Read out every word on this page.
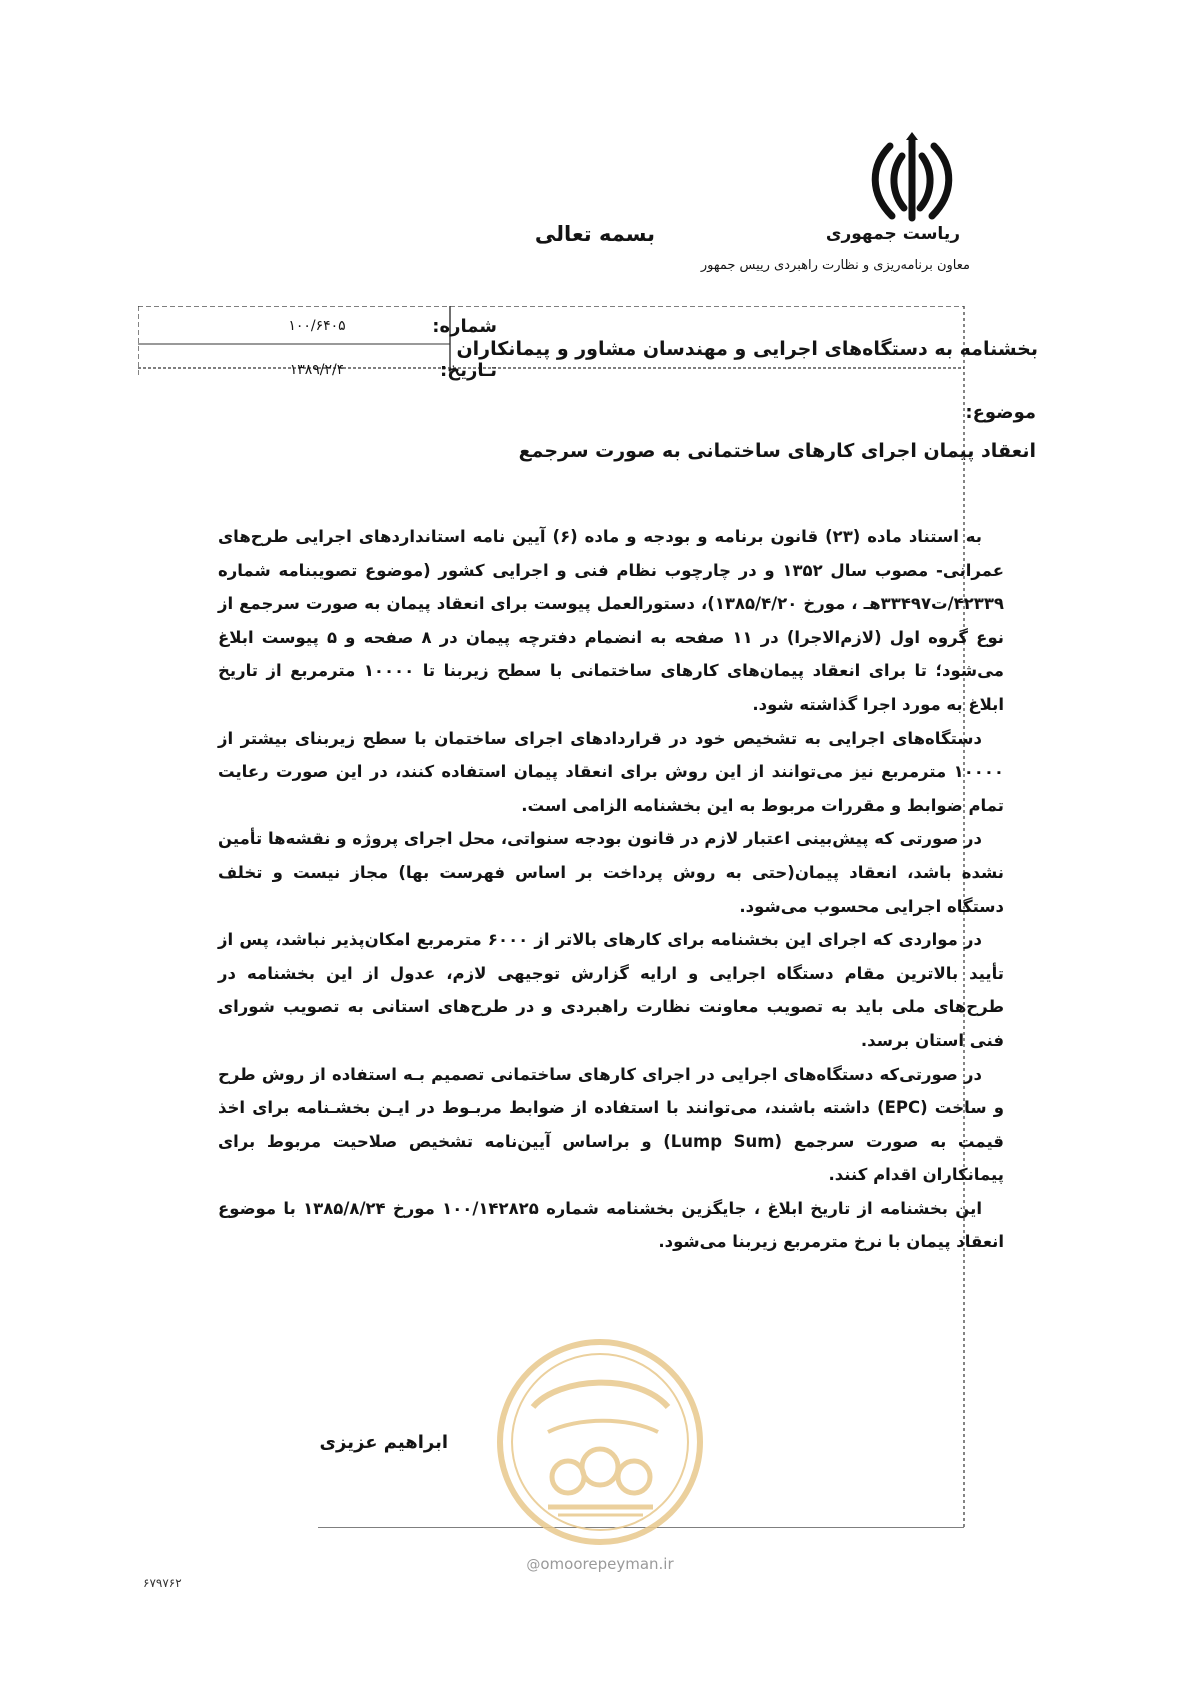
بسمه تعالی	ریاست جمهوری
معاون برنامه‌ریزی و نظارت راهبردی رییس جمهور
بخشنامه به دستگاه‌های اجرایی و مهندسان مشاور و پیمانکاران
شماره:
۱۰۰/۶۴۰۵
تـاریخ:
۱۳۸۹/۲/۴
موضوع:
انعقاد پیمان اجرای کارهای ساختمانی به صورت سرجمع

به استناد ماده (۲۳) قانون برنامه و بودجه و ماده (۶) آیین نامه استانداردهای اجرایی طرح‌های عمرانی- مصوب سال ۱۳۵۲ و در چارچوب نظام فنی و اجرایی کشور (موضوع تصویبنامه شماره ۴۲۳۳۹/ت۳۳۴۹۷هـ ، مورخ ۱۳۸۵/۴/۲۰)، دستورالعمل پیوست برای انعقاد پیمان به صورت سرجمع از نوع گروه اول (لازم‌الاجرا) در ۱۱ صفحه به انضمام دفترچه پیمان در ۸ صفحه و ۵ پیوست ابلاغ می‌شود؛ تا برای انعقاد پیمان‌های کارهای ساختمانی با سطح زیربنا تا ۱۰۰۰۰ مترمربع از تاریخ ابلاغ به مورد اجرا گذاشته شود.

دستگاه‌های اجرایی به تشخیص خود در قراردادهای اجرای ساختمان با سطح زیربنای بیشتر از ۱۰۰۰۰ مترمربع نیز می‌توانند از این روش برای انعقاد پیمان استفاده کنند، در این صورت رعایت تمام ضوابط و مقررات مربوط به این بخشنامه الزامی است.

در صورتی که پیش‌بینی اعتبار لازم در قانون بودجه سنواتی، محل اجرای پروژه و نقشه‌ها تأمین نشده باشد، انعقاد پیمان(حتی به روش پرداخت بر اساس فهرست بها) مجاز نیست و تخلف دستگاه اجرایی محسوب می‌شود.

در مواردی که اجرای این بخشنامه برای کارهای بالاتر از ۶۰۰۰ مترمربع امکان‌پذیر نباشد، پس از تأیید بالاترین مقام دستگاه اجرایی و ارایه گزارش توجیهی لازم، عدول از این بخشنامه در طرح‌های ملی باید به تصویب معاونت نظارت راهبردی و در طرح‌های استانی به تصویب شورای فنی استان برسد.

در صورتی‌که دستگاه‌های اجرایی در اجرای کارهای ساختمانی تصمیم بـه استفاده از روش طرح و ساخت (EPC) داشته باشند، می‌توانند با استفاده از ضوابط مربـوط در ایـن بخشـنامه برای اخذ قیمت به صورت سرجمع (Lump Sum) و براساس آیین‌نامه تشخیص صلاحیت مربوط برای پیمانکاران اقدام کنند.

این بخشنامه از تاریخ ابلاغ ، جایگزین بخشنامه شماره ۱۰۰/۱۴۲۸۲۵ مورخ ۱۳۸۵/۸/۲۴ با موضوع انعقاد پیمان با نرخ مترمربع زیربنا می‌شود.

ابراهیم عزیزی
@omoorepeyman.ir
۶۷۹۷۶۲
